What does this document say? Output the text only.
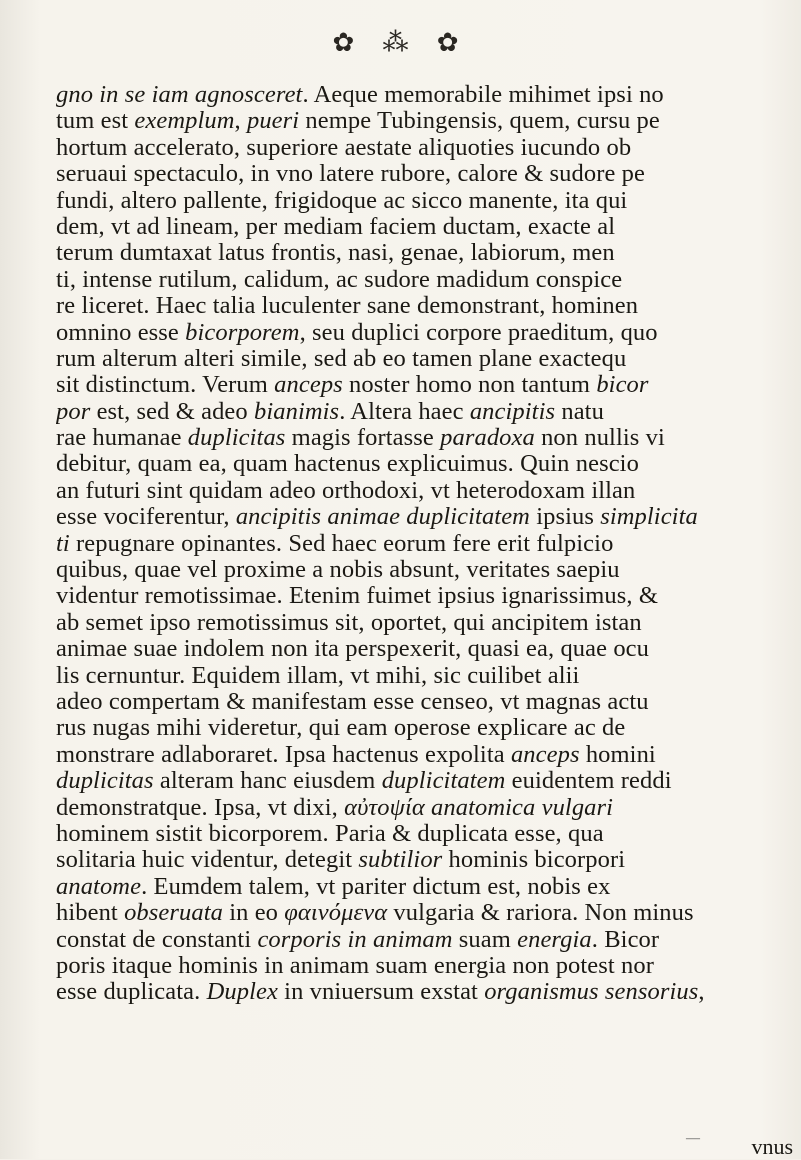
✿ ⁂ ✿
gno in se iam agnosceret. Aeque memorabile mihimet ipsi no
tum est exemplum, pueri nempe Tubingensis, quem, cursu pe
hortum accelerato, superiore aestate aliquoties iucundo ob
seruaui spectaculo, in vno latere rubore, calore & sudore pe
fundi, altero pallente, frigidoque ac sicco manente, ita qui
dem, vt ad lineam, per mediam faciem ductam, exacte al
terum dumtaxat latus frontis, nasi, genae, labiorum, men
ti, intense rutilum, calidum, ac sudore madidum conspice
re liceret. Haec talia luculenter sane demonstrant, hominen
omnino esse bicorporem, seu duplici corpore praeditum, quo
rum alterum alteri simile, sed ab eo tamen plane exactequ
sit distinctum. Verum anceps noster homo non tantum bicor
por est, sed & adeo bianimis. Altera haec ancipitis natu
rae humanae duplicitas magis fortasse paradoxa non nullis vi
debitur, quam ea, quam hactenus explicuimus. Quin nescio
an futuri sint quidam adeo orthodoxi, vt heterodoxam illan
esse vociferentur, ancipitis animae duplicitatem ipsius simplicita
ti repugnare opinantes. Sed haec eorum fere erit fulpicio
quibus, quae vel proxime a nobis absunt, veritates saepiu
videntur remotissimae. Etenim fuimet ipsius ignarissimus, &
ab semet ipso remotissimus sit, oportet, qui ancipitem istan
animae suae indolem non ita perspexerit, quasi ea, quae ocu
lis cernuntur. Equidem illam, vt mihi, sic cuilibet alii
adeo compertam & manifestam esse censeo, vt magnas actu
rus nugas mihi videretur, qui eam operose explicare ac de
monstrare adlaboraret. Ipsa hactenus expolita anceps homini
duplicitas alteram hanc eiusdem duplicitatem euidentem reddi
demonstratque. Ipsa, vt dixi, αὐτοψία anatomica vulgari
hominem sistit bicorporem. Paria & duplicata esse, qua
solitaria huic videntur, detegit subtilior hominis bicorpori
anatome. Eumdem talem, vt pariter dictum est, nobis ex
hibent obseruata in eo φαινόμενα vulgaria & rariora. Non minus
constat de constanti corporis in animam suam energia. Bicor
poris itaque hominis in animam suam energia non potest nor
esse duplicata. Duplex in vniuersum exstat organismus sensorius,
— vnus
